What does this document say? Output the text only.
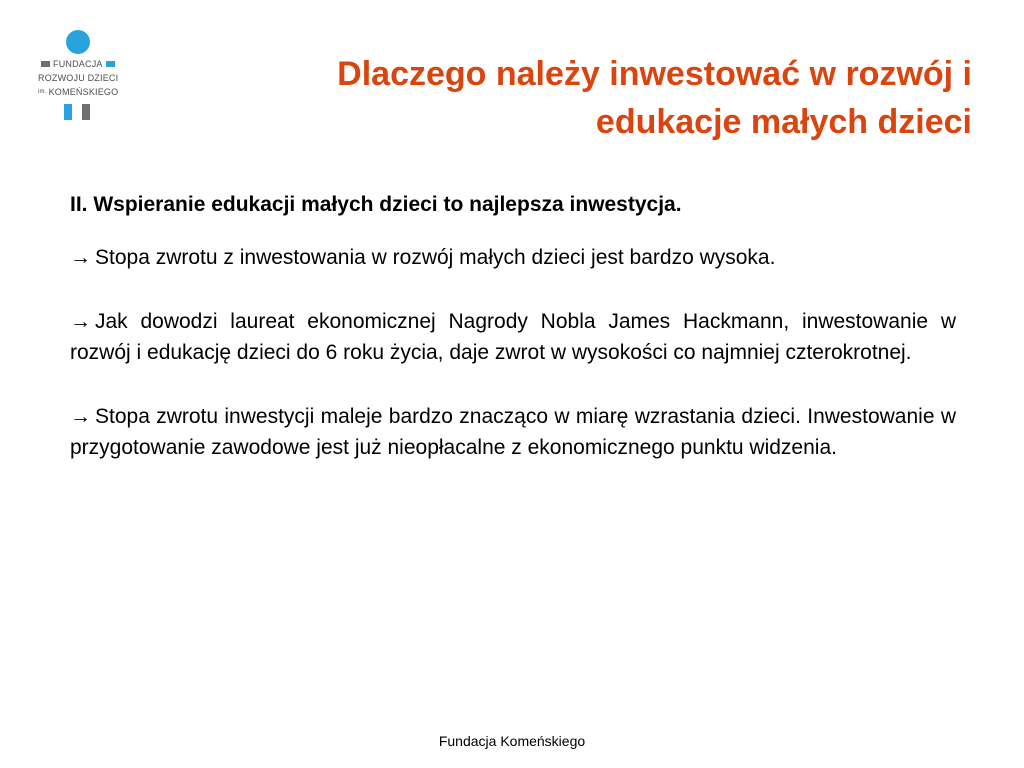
FUNDACJA
ROZWOJU DZIECI
im. KOMEŃSKIEGO	Dlaczego należy inwestować w rozwój i
edukacje małych dzieci

II. Wspieranie edukacji małych dzieci to najlepsza inwestycja.

→ Stopa zwrotu z inwestowania w rozwój małych dzieci jest bardzo wysoka.

→ Jak dowodzi laureat ekonomicznej Nagrody Nobla James Hackmann, inwestowanie w rozwój i edukację dzieci do 6 roku życia, daje zwrot w wysokości co najmniej czterokrotnej.

→ Stopa zwrotu inwestycji maleje bardzo znacząco w miarę wzrastania dzieci. Inwestowanie w przygotowanie zawodowe jest już nieopłacalne z ekonomicznego punktu widzenia.

Fundacja Komeńskiego
